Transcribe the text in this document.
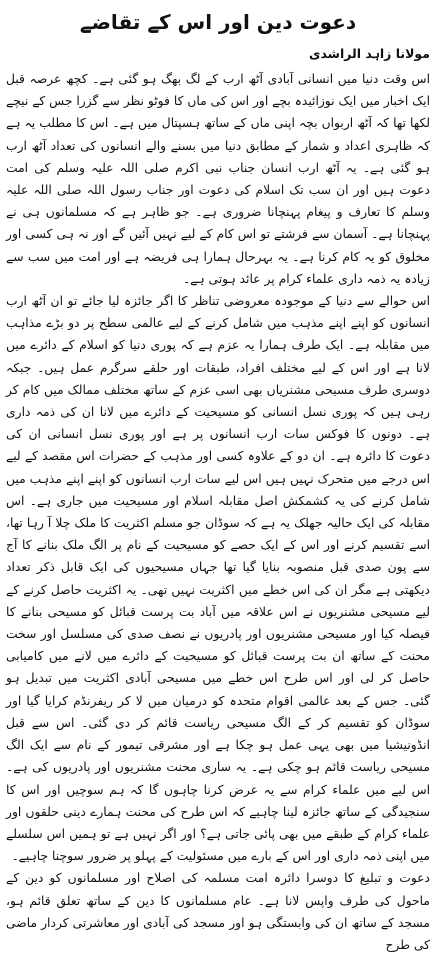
دعوت دین اور اس کے تقاضے
مولانا زاہد الراشدی

اس وقت دنیا میں انسانی آبادی آٹھ ارب کے لگ بھگ ہو گئی ہے۔ کچھ عرصہ قبل ایک اخبار میں ایک نوزائیدہ بچے اور اس کی ماں کا فوٹو نظر سے گزرا جس کے نیچے لکھا تھا کہ آٹھ اربواں بچہ اپنی ماں کے ساتھ ہسپتال میں ہے۔ اس کا مطلب یہ ہے کہ ظاہری اعداد و شمار کے مطابق دنیا میں بسنے والے انسانوں کی تعداد آٹھ ارب ہو گئی ہے۔ یہ آٹھ ارب انسان جناب نبی اکرم صلی اللہ علیہ وسلم کی امت دعوت ہیں اور ان سب تک اسلام کی دعوت اور جناب رسول اللہ صلی اللہ علیہ وسلم کا تعارف و پیغام پہنچانا ضروری ہے۔ جو ظاہر ہے کہ مسلمانوں ہی نے پہنچانا ہے۔ آسمان سے فرشتے تو اس کام کے لیے نہیں آئیں گے اور نہ ہی کسی اور مخلوق کو یہ کام کرنا ہے۔ یہ بہرحال ہمارا ہی فریضہ ہے اور امت میں سب سے زیادہ یہ ذمہ داری علماء کرام پر عائد ہوتی ہے۔

اس حوالے سے دنیا کے موجودہ معروضی تناظر کا اگر جائزہ لیا جائے تو ان آٹھ ارب انسانوں کو اپنے اپنے مذہب میں شامل کرنے کے لیے عالمی سطح پر دو بڑے مذاہب میں مقابلہ ہے۔ ایک طرف ہمارا یہ عزم ہے کہ پوری دنیا کو اسلام کے دائرے میں لانا ہے اور اس کے لیے مختلف افراد، طبقات اور حلقے سرگرم عمل ہیں۔ جبکہ دوسری طرف مسیحی مشنریاں بھی اسی عزم کے ساتھ مختلف ممالک میں کام کر رہی ہیں کہ پوری نسل انسانی کو مسیحیت کے دائرے میں لانا ان کی ذمہ داری ہے۔ دونوں کا فوکس سات ارب انسانوں پر ہے اور پوری نسل انسانی ان کی دعوت کا دائرہ ہے۔ ان دو کے علاوہ کسی اور مذہب کے حضرات اس مقصد کے لیے اس درجے میں متحرک نہیں ہیں اس لیے سات ارب انسانوں کو اپنے اپنے مذہب میں شامل کرنے کی یہ کشمکش اصل مقابلہ اسلام اور مسیحیت میں جاری ہے۔ اس مقابلہ کی ایک حالیہ جھلک یہ ہے کہ سوڈان جو مسلم اکثریت کا ملک چلا آ رہا تھا، اسے تقسیم کرنے اور اس کے ایک حصے کو مسیحیت کے نام پر الگ ملک بنانے کا آج سے پون صدی قبل منصوبہ بنایا گیا تھا جہاں مسیحیوں کی ایک قابل ذکر تعداد دیکھتی ہے مگر ان کی اس خطے میں اکثریت نہیں تھی۔ یہ اکثریت حاصل کرنے کے لیے مسیحی مشنریوں نے اس علاقہ میں آباد بت پرست قبائل کو مسیحی بنانے کا فیصلہ کیا اور مسیحی مشنریوں اور پادریوں نے نصف صدی کی مسلسل اور سخت محنت کے ساتھ ان بت پرست قبائل کو مسیحیت کے دائرے میں لانے میں کامیابی حاصل کر لی اور اس طرح اس خطے میں مسیحی آبادی اکثریت میں تبدیل ہو گئی۔ جس کے بعد عالمی اقوام متحدہ کو درمیان میں لا کر ریفرنڈم کرایا گیا اور سوڈان کو تقسیم کر کے الگ مسیحی ریاست قائم کر دی گئی۔ اس سے قبل انڈونیشیا میں بھی یہی عمل ہو چکا ہے اور مشرقی تیمور کے نام سے ایک الگ مسیحی ریاست قائم ہو چکی ہے۔ یہ ساری محنت مشنریوں اور پادریوں کی ہے۔ اس لیے میں علماء کرام سے یہ عرض کرنا چاہوں گا کہ ہم سوچیں اور اس کا سنجیدگی کے ساتھ جائزہ لینا چاہیے کہ اس طرح کی محنت ہمارے دینی حلقوں اور علماء کرام کے طبقے میں بھی پائی جاتی ہے؟ اور اگر نہیں ہے تو ہمیں اس سلسلے میں اپنی ذمہ داری اور اس کے بارے میں مسئولیت کے پہلو پر ضرور سوچنا چاہیے۔

دعوت و تبلیغ کا دوسرا دائرہ امت مسلمہ کی اصلاح اور مسلمانوں کو دین کے ماحول کی طرف واپس لانا ہے۔ عام مسلمانوں کا دین کے ساتھ تعلق قائم ہو، مسجد کے ساتھ ان کی وابستگی ہو اور مسجد کی آبادی اور معاشرتی کردار ماضی کی طرح
